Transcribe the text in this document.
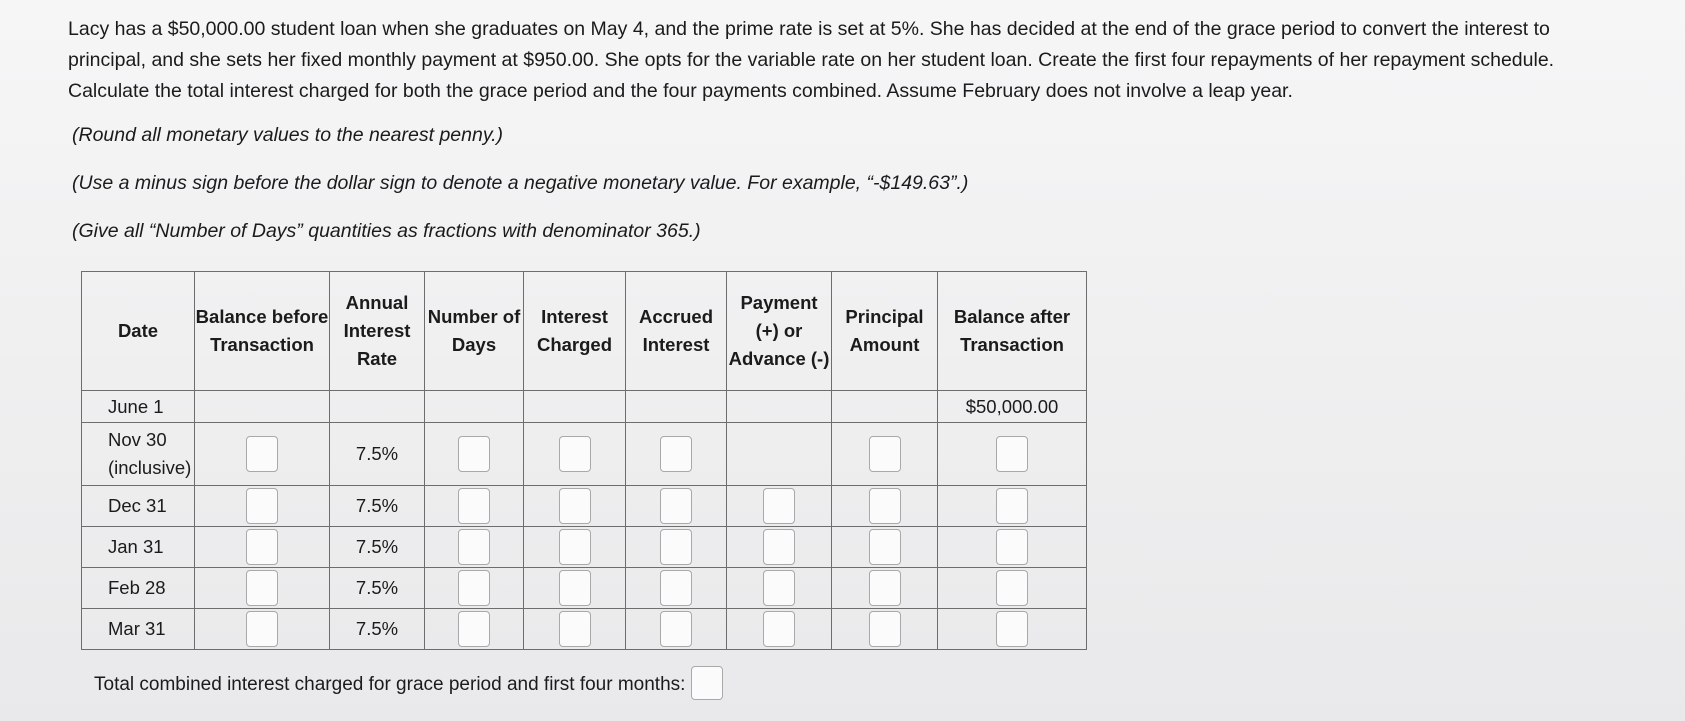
Lacy has a $50,000.00 student loan when she graduates on May 4, and the prime rate is set at 5%. She has decided at the end of the grace period to convert the interest to principal, and she sets her fixed monthly payment at $950.00. She opts for the variable rate on her student loan. Create the first four repayments of her repayment schedule. Calculate the total interest charged for both the grace period and the four payments combined. Assume February does not involve a leap year.

(Round all monetary values to the nearest penny.)

(Use a minus sign before the dollar sign to denote a negative monetary value. For example, “-$149.63”.)

(Give all “Number of Days” quantities as fractions with denominator 365.)

Date	Balance before Transaction	Annual Interest Rate	Number of Days	Interest Charged	Accrued Interest	Payment (+) or Advance (-)	Principal Amount	Balance after Transaction
June 1								$50,000.00
Nov 30 (inclusive)		7.5%						
Dec 31		7.5%						
Jan 31		7.5%						
Feb 28		7.5%						
Mar 31		7.5%						
Total combined interest charged for grace period and first four months:
